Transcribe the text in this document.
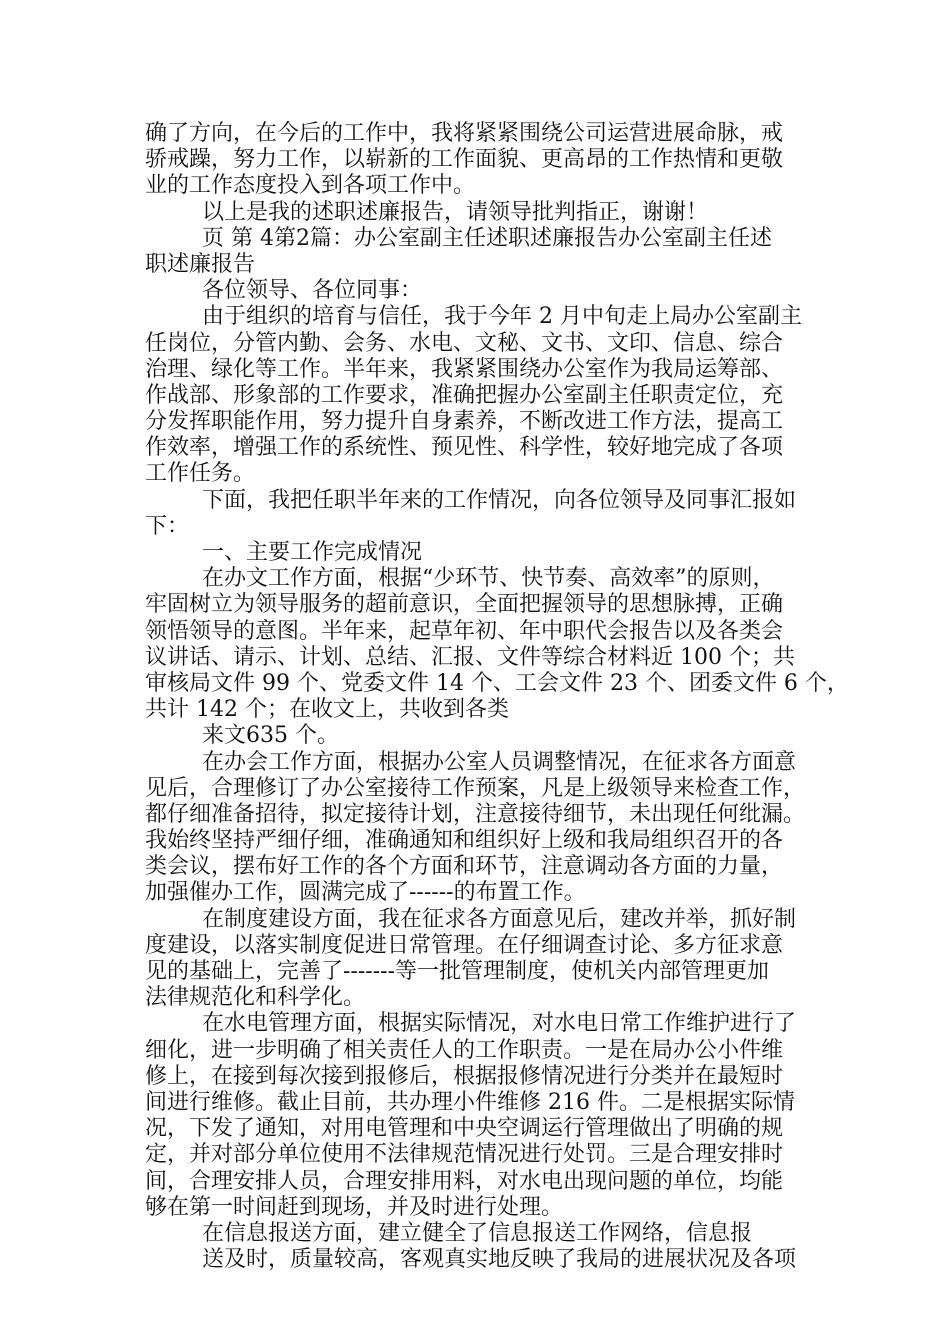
确了方向，在今后的工作中，我将紧紧围绕公司运营进展命脉，戒
骄戒躁，努力工作，以崭新的工作面貌、更高昂的工作热情和更敬
业的工作态度投入到各项工作中。
以上是我的述职述廉报告，请领导批判指正，谢谢！
页 第 4第2篇：办公室副主任述职述廉报告办公室副主任述
职述廉报告
各位领导、各位同事：
由于组织的培育与信任，我于今年 2 月中旬走上局办公室副主
任岗位，分管内勤、会务、水电、文秘、文书、文印、信息、综合
治理、绿化等工作。半年来，我紧紧围绕办公室作为我局运筹部、
作战部、形象部的工作要求，准确把握办公室副主任职责定位，充
分发挥职能作用，努力提升自身素养，不断改进工作方法，提高工
作效率，增强工作的系统性、预见性、科学性，较好地完成了各项
工作任务。
下面，我把任职半年来的工作情况，向各位领导及同事汇报如
下：
一、主要工作完成情况
在办文工作方面，根据“少环节、快节奏、高效率”的原则，
牢固树立为领导服务的超前意识，全面把握领导的思想脉搏，正确
领悟领导的意图。半年来，起草年初、年中职代会报告以及各类会
议讲话、请示、计划、总结、汇报、文件等综合材料近 100 个；共
审核局文件 99 个、党委文件 14 个、工会文件 23 个、团委文件 6 个，
共计 142 个；在收文上，共收到各类
来文635 个。
在办会工作方面，根据办公室人员调整情况，在征求各方面意
见后，合理修订了办公室接待工作预案，凡是上级领导来检查工作，
都仔细准备招待，拟定接待计划，注意接待细节，未出现任何纰漏。
我始终坚持严细仔细，准确通知和组织好上级和我局组织召开的各
类会议，摆布好工作的各个方面和环节，注意调动各方面的力量，
加强催办工作，圆满完成了------的布置工作。
在制度建设方面，我在征求各方面意见后，建改并举，抓好制
度建设，以落实制度促进日常管理。在仔细调查讨论、多方征求意
见的基础上，完善了-------等一批管理制度，使机关内部管理更加
法律规范化和科学化。
在水电管理方面，根据实际情况，对水电日常工作维护进行了
细化，进一步明确了相关责任人的工作职责。一是在局办公小件维
修上，在接到每次接到报修后，根据报修情况进行分类并在最短时
间进行维修。截止目前，共办理小件维修 216 件。二是根据实际情
况，下发了通知，对用电管理和中央空调运行管理做出了明确的规
定，并对部分单位使用不法律规范情况进行处罚。三是合理安排时
间，合理安排人员，合理安排用料，对水电出现问题的单位，均能
够在第一时间赶到现场，并及时进行处理。
在信息报送方面，建立健全了信息报送工作网络，信息报
送及时，质量较高，客观真实地反映了我局的进展状况及各项
